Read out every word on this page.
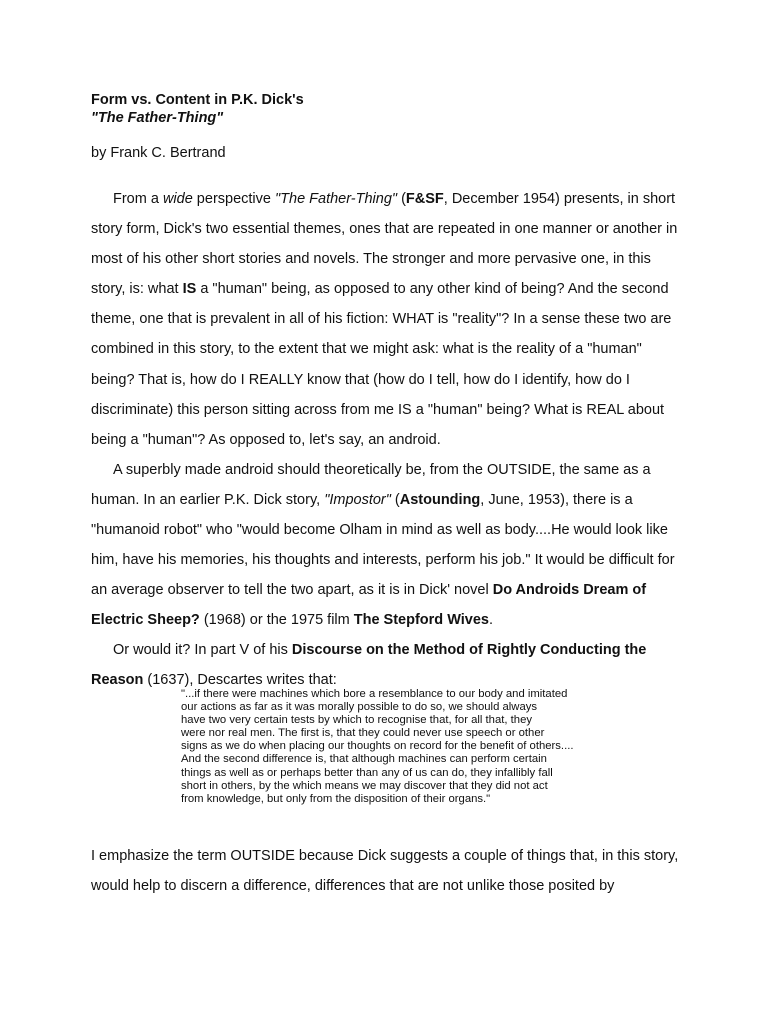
Form vs. Content in P.K. Dick's

"The Father-Thing"

by Frank C. Bertrand

From a wide perspective "The Father-Thing" (F&SF, December 1954) presents, in short story form, Dick's two essential themes, ones that are repeated in one manner or another in most of his other short stories and novels. The stronger and more pervasive one, in this story, is: what IS a "human" being, as opposed to any other kind of being? And the second theme, one that is prevalent in all of his fiction: WHAT is "reality"? In a sense these two are combined in this story, to the extent that we might ask: what is the reality of a "human" being? That is, how do I REALLY know that (how do I tell, how do I identify, how do I discriminate) this person sitting across from me IS a "human" being? What is REAL about being a "human"? As opposed to, let's say, an android.

A superbly made android should theoretically be, from the OUTSIDE, the same as a human. In an earlier P.K. Dick story, "Impostor" (Astounding, June, 1953), there is a "humanoid robot" who "would become Olham in mind as well as body....He would look like him, have his memories, his thoughts and interests, perform his job." It would be difficult for an average observer to tell the two apart, as it is in Dick' novel Do Androids Dream of Electric Sheep? (1968) or the 1975 film The Stepford Wives.

Or would it? In part V of his Discourse on the Method of Rightly Conducting the Reason (1637), Descartes writes that:

"...if there were machines which bore a resemblance to our body and imitated
our actions as far as it was morally possible to do so, we should always
have two very certain tests by which to recognise that, for all that, they
were nor real men. The first is, that they could never use speech or other
signs as we do when placing our thoughts on record for the benefit of others....
And the second difference is, that although machines can perform certain
things as well as or perhaps better than any of us can do, they infallibly fall
short in others, by the which means we may discover that they did not act
from knowledge, but only from the disposition of their organs."

I emphasize the term OUTSIDE because Dick suggests a couple of things that, in this story, would help to discern a difference, differences that are not unlike those posited by
